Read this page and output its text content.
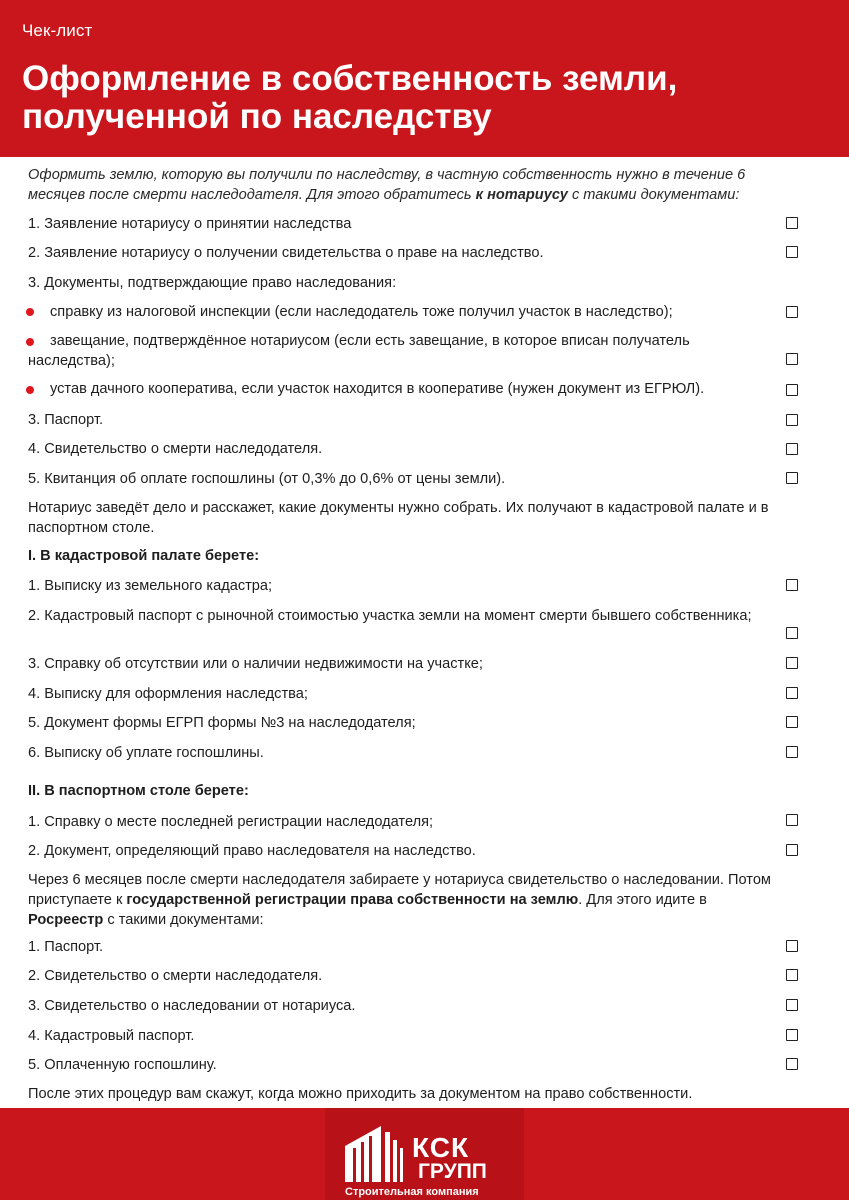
Чек-лист
Оформление в собственность земли,
полученной по наследству
Оформить землю, которую вы получили по наследству, в частную собственность нужно в течение 6 месяцев после смерти наследодателя. Для этого обратитесь к нотариусу с такими документами:
1. Заявление нотариусу о принятии наследства
2. Заявление нотариусу о получении свидетельства о праве на наследство.
3. Документы, подтверждающие право наследования:
справку из налоговой инспекции (если наследодатель тоже получил участок в наследство);
завещание, подтверждённое нотариусом (если есть завещание, в которое вписан получатель наследства);
устав дачного кооператива, если участок находится в кооперативе (нужен документ из ЕГРЮЛ).
3. Паспорт.
4. Свидетельство о смерти наследодателя.
5. Квитанция об оплате госпошлины (от 0,3% до 0,6% от цены земли).
Нотариус заведёт дело и расскажет, какие документы нужно собрать. Их получают в кадастровой палате и в паспортном столе.
I. В кадастровой палате берете:
1. Выписку из земельного кадастра;
2. Кадастровый паспорт с рыночной стоимостью участка земли на момент смерти бывшего собственника;
3. Справку об отсутствии или о наличии недвижимости на участке;
4. Выписку для оформления наследства;
5. Документ формы ЕГРП формы №3 на наследодателя;
6. Выписку об уплате госпошлины.
II. В паспортном столе берете:
1. Справку о месте последней регистрации наследодателя;
2. Документ, определяющий право наследователя на наследство.
Через 6 месяцев после смерти наследодателя забираете у нотариуса свидетельство о наследовании. Потом приступаете к государственной регистрации права собственности на землю. Для этого идите в Росреестр с такими документами:
1. Паспорт.
2. Свидетельство о смерти наследодателя.
3. Свидетельство о наследовании от нотариуса.
4. Кадастровый паспорт.
5. Оплаченную госпошлину.
После этих процедур вам скажут, когда можно приходить за документом на право собственности.
КСК
ГРУПП
Строительная компания
